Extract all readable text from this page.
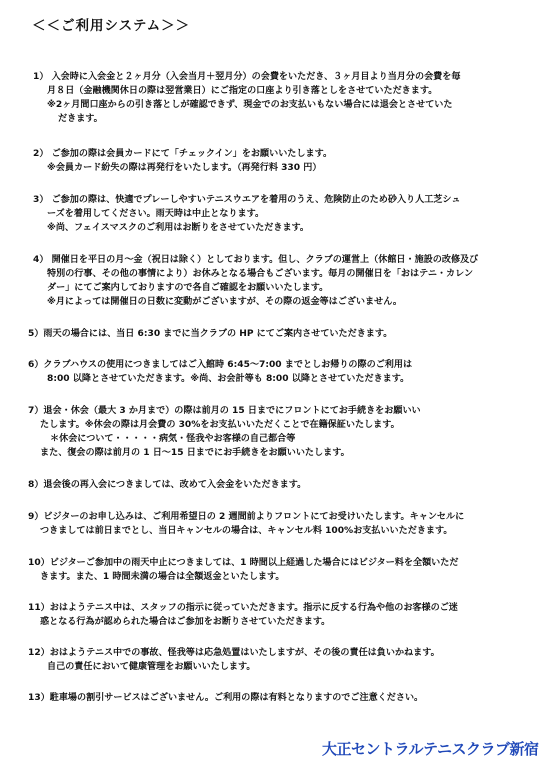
＜＜ご利用システム＞＞
1） 入会時に入会金と２ヶ月分（入会当月＋翌月分）の会費をいただき、３ヶ月目より当月分の会費を毎
月８日（金融機関休日の際は翌営業日）にご指定の口座より引き落としをさせていただきます。
※2ヶ月間口座からの引き落としが確認できず、現金でのお支払いもない場合には退会とさせていた
だきます。
2） ご参加の際は会員カードにて「チェックイン」をお願いいたします。
※会員カード紛失の際は再発行をいたします。（再発行料 330 円）
3） ご参加の際は、快適でプレーしやすいテニスウエアを着用のうえ、危険防止のため砂入り人工芝シュ
ーズを着用してください。雨天時は中止となります。
※尚、フェイスマスクのご利用はお断りをさせていただきます。
4） 開催日を平日の月～金（祝日は除く）としております。但し、クラブの運営上（休館日・施設の改修及び
特別の行事、その他の事情により）お休みとなる場合もございます。毎月の開催日を「おはテニ・カレン
ダー」にてご案内しておりますので各自ご確認をお願いいたします。
※月によっては開催日の日数に変動がございますが、その際の返金等はございません。
5）雨天の場合には、当日 6:30 までに当クラブの HP にてご案内させていただきます。
6）クラブハウスの使用につきましてはご入館時 6:45～7:00 までとしお帰りの際のご利用は
8:00 以降とさせていただきます。※尚、お会計等も 8:00 以降とさせていただきます。
7）退会・休会（最大 3 か月まで）の際は前月の 15 日までにフロントにてお手続きをお願いい
たします。※休会の際は月会費の 30%をお支払いいただくことで在籍保証いたします。
＊休会について・・・・・病気・怪我やお客様の自己都合等
また、復会の際は前月の 1 日～15 日までにお手続きをお願いいたします。
8）退会後の再入会につきましては、改めて入会金をいただきます。
9）ビジターのお申し込みは、ご利用希望日の 2 週間前よりフロントにてお受けいたします。キャンセルに
つきましては前日までとし、当日キャンセルの場合は、キャンセル料 100%お支払いいただきます。
10）ビジターご参加中の雨天中止につきましては、1 時間以上経過した場合にはビジター料を全額いただ
きます。また、1 時間未満の場合は全額返金といたします。
11）おはようテニス中は、スタッフの指示に従っていただきます。指示に反する行為や他のお客様のご迷
惑となる行為が認められた場合はご参加をお断りさせていただきます。
12）おはようテニス中での事故、怪我等は応急処置はいたしますが、その後の責任は負いかねます。
自己の責任において健康管理をお願いいたします。
13）駐車場の割引サービスはございません。ご利用の際は有料となりますのでご注意ください。
大正セントラルテニスクラブ新宿
